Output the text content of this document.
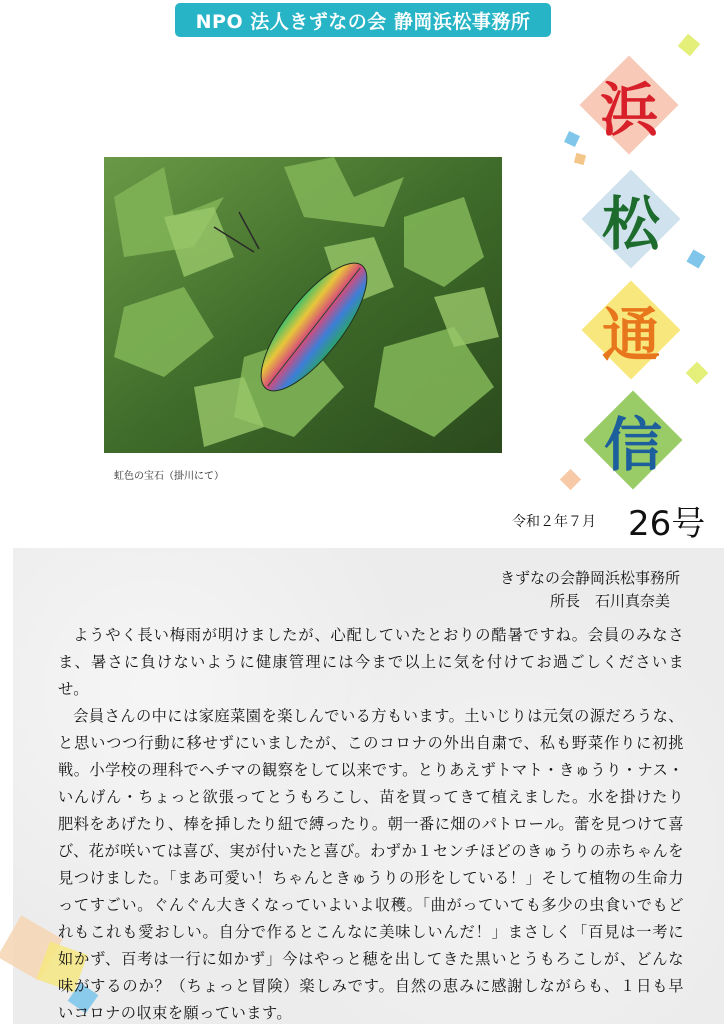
NPO 法人きずなの会 静岡浜松事務所
虹色の宝石（掛川にて）
浜
松
通
信
令和２年７月 26号
きずなの会静岡浜松事務所
所長　石川真奈美

ようやく長い梅雨が明けましたが、心配していたとおりの酷暑ですね。会員のみなさま、暑さに負けないように健康管理には今まで以上に気を付けてお過ごしくださいませ。

会員さんの中には家庭菜園を楽しんでいる方もいます。土いじりは元気の源だろうな、と思いつつ行動に移せずにいましたが、このコロナの外出自粛で、私も野菜作りに初挑戦。小学校の理科でヘチマの観察をして以来です。とりあえずトマト・きゅうり・ナス・いんげん・ちょっと欲張ってとうもろこし、苗を買ってきて植えました。水を掛けたり肥料をあげたり、棒を挿したり紐で縛ったり。朝一番に畑のパトロール。蕾を見つけて喜び、花が咲いては喜び、実が付いたと喜び。わずか１センチほどのきゅうりの赤ちゃんを見つけました。「まあ可愛い！ちゃんときゅうりの形をしている！」そして植物の生命力ってすごい。ぐんぐん大きくなっていよいよ収穫。「曲がっていても多少の虫食いでもどれもこれも愛おしい。自分で作るとこんなに美味しいんだ！」まさしく「百見は一考に如かず、百考は一行に如かず」今はやっと穂を出してきた黒いとうもろこしが、どんな味がするのか？（ちょっと冒険）楽しみです。自然の恵みに感謝しながらも、１日も早いコロナの収束を願っています。
